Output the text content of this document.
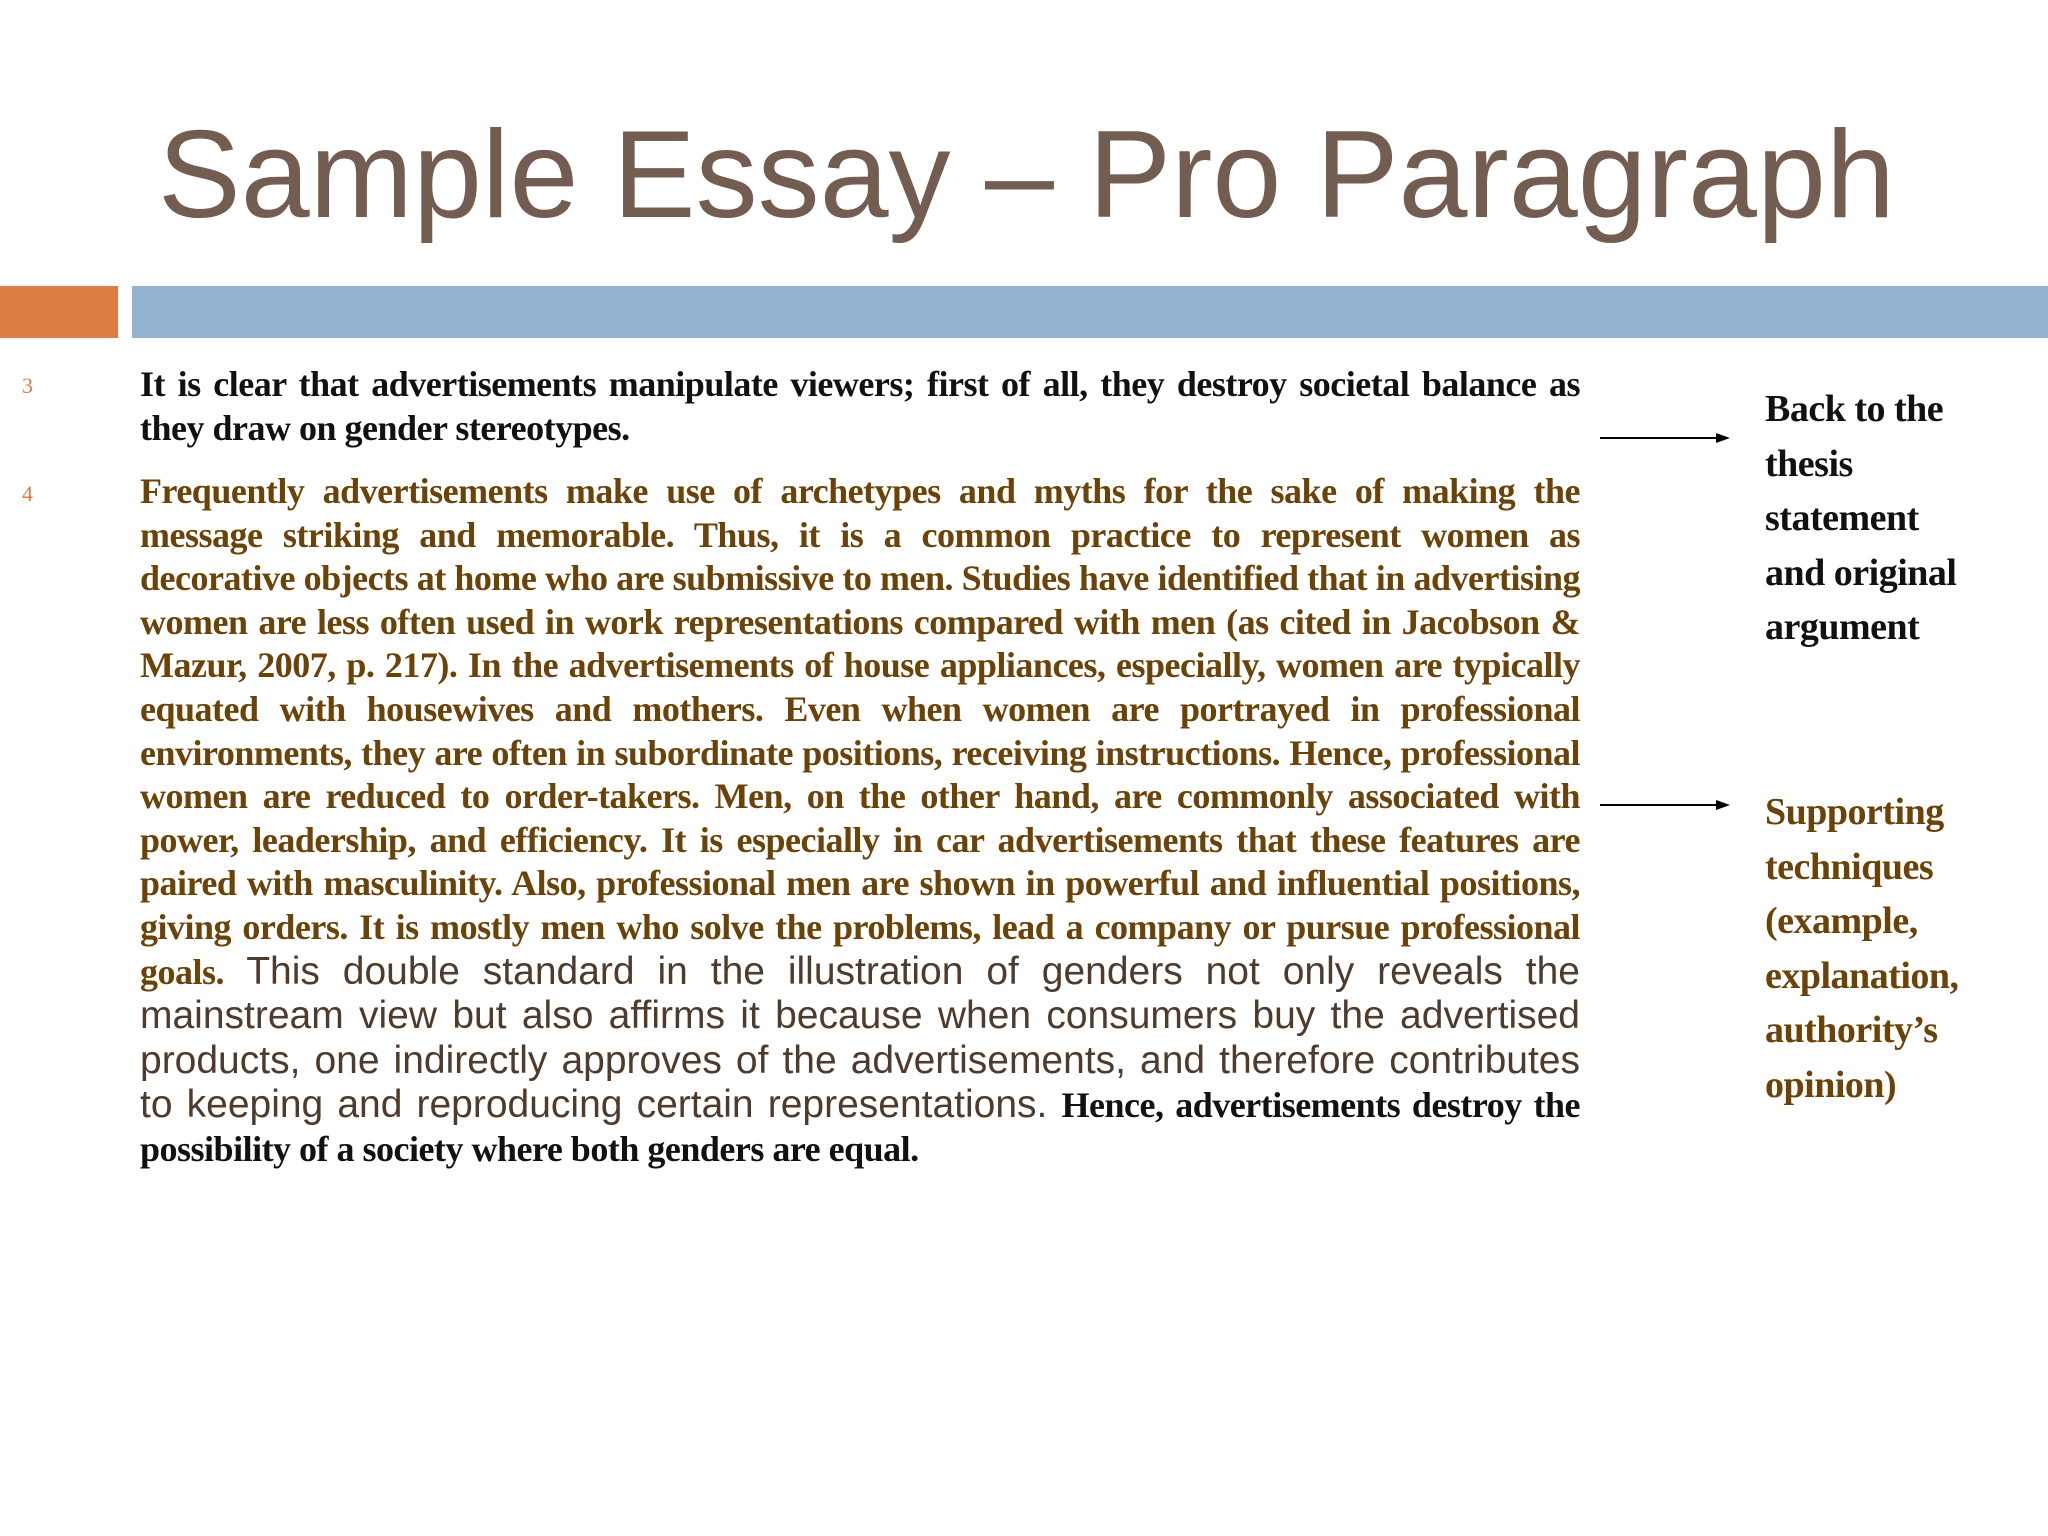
Sample Essay – Pro Paragraph
3
4
It is clear that advertisements manipulate viewers; first of all, they destroy societal balance as they draw on gender stereotypes.
Frequently advertisements make use of archetypes and myths for the sake of making the message striking and memorable. Thus, it is a common practice to represent women as decorative objects at home who are submissive to men. Studies have identified that in advertising women are less often used in work representations compared with men (as cited in Jacobson & Mazur, 2007, p. 217). In the advertisements of house appliances, especially, women are typically equated with housewives and mothers. Even when women are portrayed in professional environments, they are often in subordinate positions, receiving instructions. Hence, professional women are reduced to order-takers. Men, on the other hand, are commonly associated with power, leadership, and efficiency. It is especially in car advertisements that these features are paired with masculinity. Also, professional men are shown in powerful and influential positions, giving orders. It is mostly men who solve the problems, lead a company or pursue professional goals. This double standard in the illustration of genders not only reveals the mainstream view but also affirms it because when consumers buy the advertised products, one indirectly approves of the advertisements, and therefore contributes to keeping and reproducing certain representations. Hence, advertisements destroy the possibility of a society where both genders are equal.
Back to the
thesis
statement
and original
argument
Supporting
techniques
(example,
explanation,
authority’s
opinion)
